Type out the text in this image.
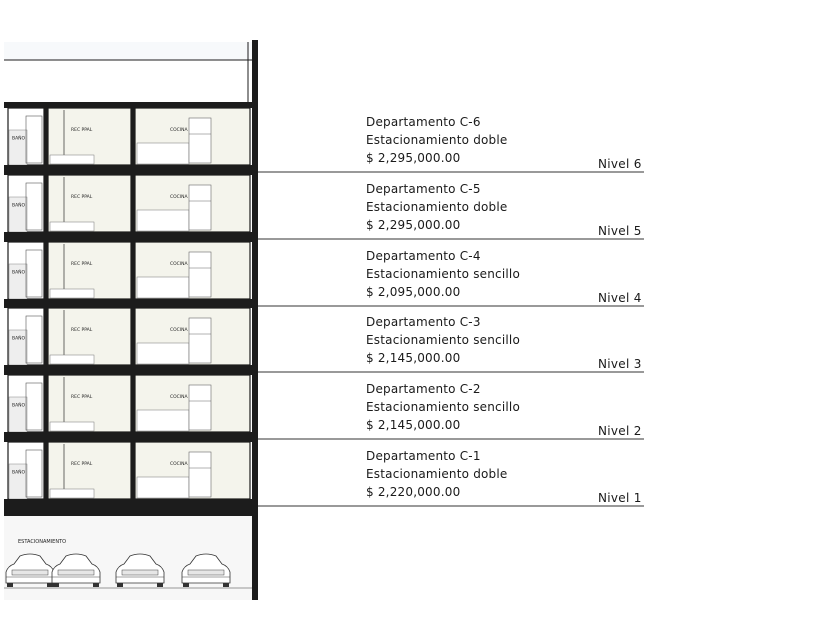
BAÑO
REC PPAL	COCINA
BAÑO
REC PPAL	COCINA
BAÑO
REC PPAL	COCINA
BAÑO
REC PPAL	COCINA
BAÑO
REC PPAL	COCINA
BAÑO
REC PPAL	COCINA
ESTACIONAMIENTO
Departamento C-6
Estacionamiento doble
$ 2,295,000.00	Nivel 6
Departamento C-5
Estacionamiento doble
$ 2,295,000.00	Nivel 5
Departamento C-4
Estacionamiento sencillo
$ 2,095,000.00	Nivel 4
Departamento C-3
Estacionamiento sencillo
$ 2,145,000.00	Nivel 3
Departamento C-2
Estacionamiento sencillo
$ 2,145,000.00	Nivel 2
Departamento C-1
Estacionamiento doble
$ 2,220,000.00	Nivel 1
